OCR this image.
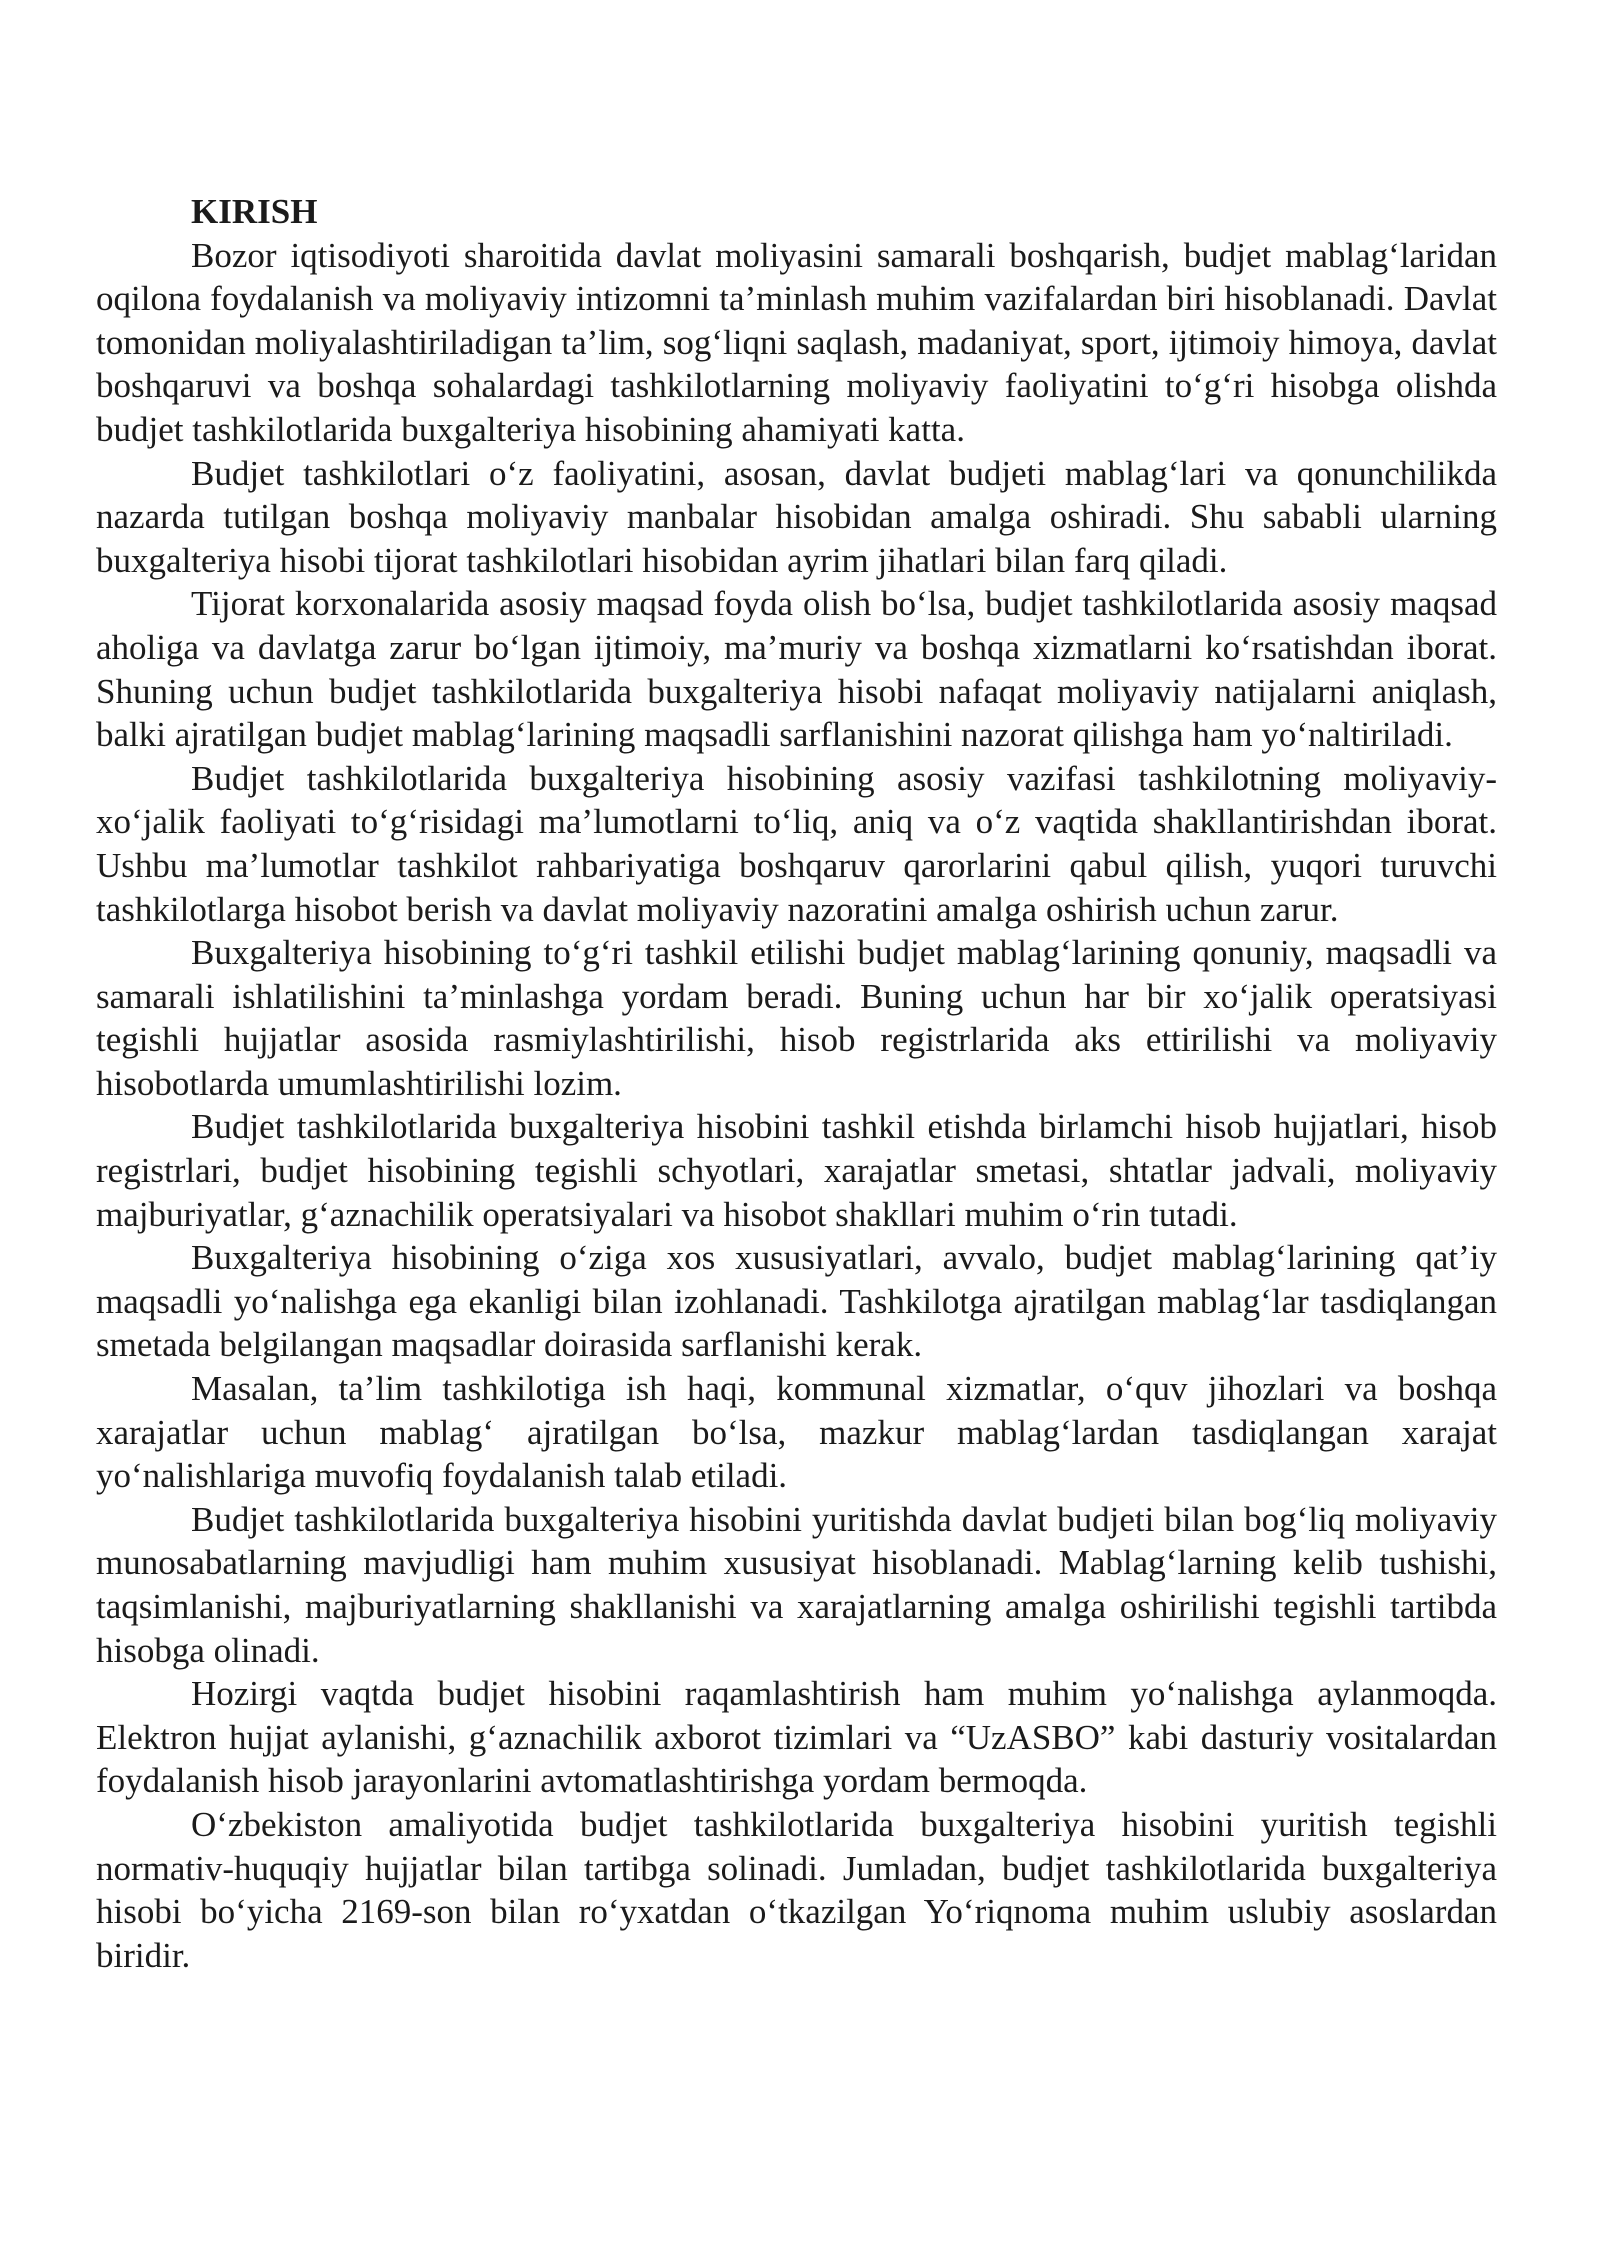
KIRISH

Bozor iqtisodiyoti sharoitida davlat moliyasini samarali boshqarish, budjet mablag‘laridan oqilona foydalanish va moliyaviy intizomni ta’minlash muhim vazifalardan biri hisoblanadi. Davlat tomonidan moliyalashtiriladigan ta’lim, sog‘liqni saqlash, madaniyat, sport, ijtimoiy himoya, davlat boshqaruvi va boshqa sohalardagi tashkilotlarning moliyaviy faoliyatini to‘g‘ri hisobga olishda budjet tashkilotlarida buxgalteriya hisobining ahamiyati katta.

Budjet tashkilotlari o‘z faoliyatini, asosan, davlat budjeti mablag‘lari va qonunchilikda nazarda tutilgan boshqa moliyaviy manbalar hisobidan amalga oshiradi. Shu sababli ularning buxgalteriya hisobi tijorat tashkilotlari hisobidan ayrim jihatlari bilan farq qiladi.

Tijorat korxonalarida asosiy maqsad foyda olish bo‘lsa, budjet tashkilotlarida asosiy maqsad aholiga va davlatga zarur bo‘lgan ijtimoiy, ma’muriy va boshqa xizmatlarni ko‘rsatishdan iborat. Shuning uchun budjet tashkilotlarida buxgalteriya hisobi nafaqat moliyaviy natijalarni aniqlash, balki ajratilgan budjet mablag‘larining maqsadli sarflanishini nazorat qilishga ham yo‘naltiriladi.

Budjet tashkilotlarida buxgalteriya hisobining asosiy vazifasi tashkilotning moliyaviy-xo‘jalik faoliyati to‘g‘risidagi ma’lumotlarni to‘liq, aniq va o‘z vaqtida shakllantirishdan iborat. Ushbu ma’lumotlar tashkilot rahbariyatiga boshqaruv qarorlarini qabul qilish, yuqori turuvchi tashkilotlarga hisobot berish va davlat moliyaviy nazoratini amalga oshirish uchun zarur.

Buxgalteriya hisobining to‘g‘ri tashkil etilishi budjet mablag‘larining qonuniy, maqsadli va samarali ishlatilishini ta’minlashga yordam beradi. Buning uchun har bir xo‘jalik operatsiyasi tegishli hujjatlar asosida rasmiylashtirilishi, hisob registrlarida aks ettirilishi va moliyaviy hisobotlarda umumlashtirilishi lozim.

Budjet tashkilotlarida buxgalteriya hisobini tashkil etishda birlamchi hisob hujjatlari, hisob registrlari, budjet hisobining tegishli schyotlari, xarajatlar smetasi, shtatlar jadvali, moliyaviy majburiyatlar, g‘aznachilik operatsiyalari va hisobot shakllari muhim o‘rin tutadi.

Buxgalteriya hisobining o‘ziga xos xususiyatlari, avvalo, budjet mablag‘larining qat’iy maqsadli yo‘nalishga ega ekanligi bilan izohlanadi. Tashkilotga ajratilgan mablag‘lar tasdiqlangan smetada belgilangan maqsadlar doirasida sarflanishi kerak.

Masalan, ta’lim tashkilotiga ish haqi, kommunal xizmatlar, o‘quv jihozlari va boshqa xarajatlar uchun mablag‘ ajratilgan bo‘lsa, mazkur mablag‘lardan tasdiqlangan xarajat yo‘nalishlariga muvofiq foydalanish talab etiladi.

Budjet tashkilotlarida buxgalteriya hisobini yuritishda davlat budjeti bilan bog‘liq moliyaviy munosabatlarning mavjudligi ham muhim xususiyat hisoblanadi. Mablag‘larning kelib tushishi, taqsimlanishi, majburiyatlarning shakllanishi va xarajatlarning amalga oshirilishi tegishli tartibda hisobga olinadi.

Hozirgi vaqtda budjet hisobini raqamlashtirish ham muhim yo‘nalishga aylanmoqda. Elektron hujjat aylanishi, g‘aznachilik axborot tizimlari va “UzASBO” kabi dasturiy vositalardan foydalanish hisob jarayonlarini avtomatlashtirishga yordam bermoqda.

O‘zbekiston amaliyotida budjet tashkilotlarida buxgalteriya hisobini yuritish tegishli normativ-huquqiy hujjatlar bilan tartibga solinadi. Jumladan, budjet tashkilotlarida buxgalteriya hisobi bo‘yicha 2169-son bilan ro‘yxatdan o‘tkazilgan Yo‘riqnoma muhim uslubiy asoslardan biridir.
